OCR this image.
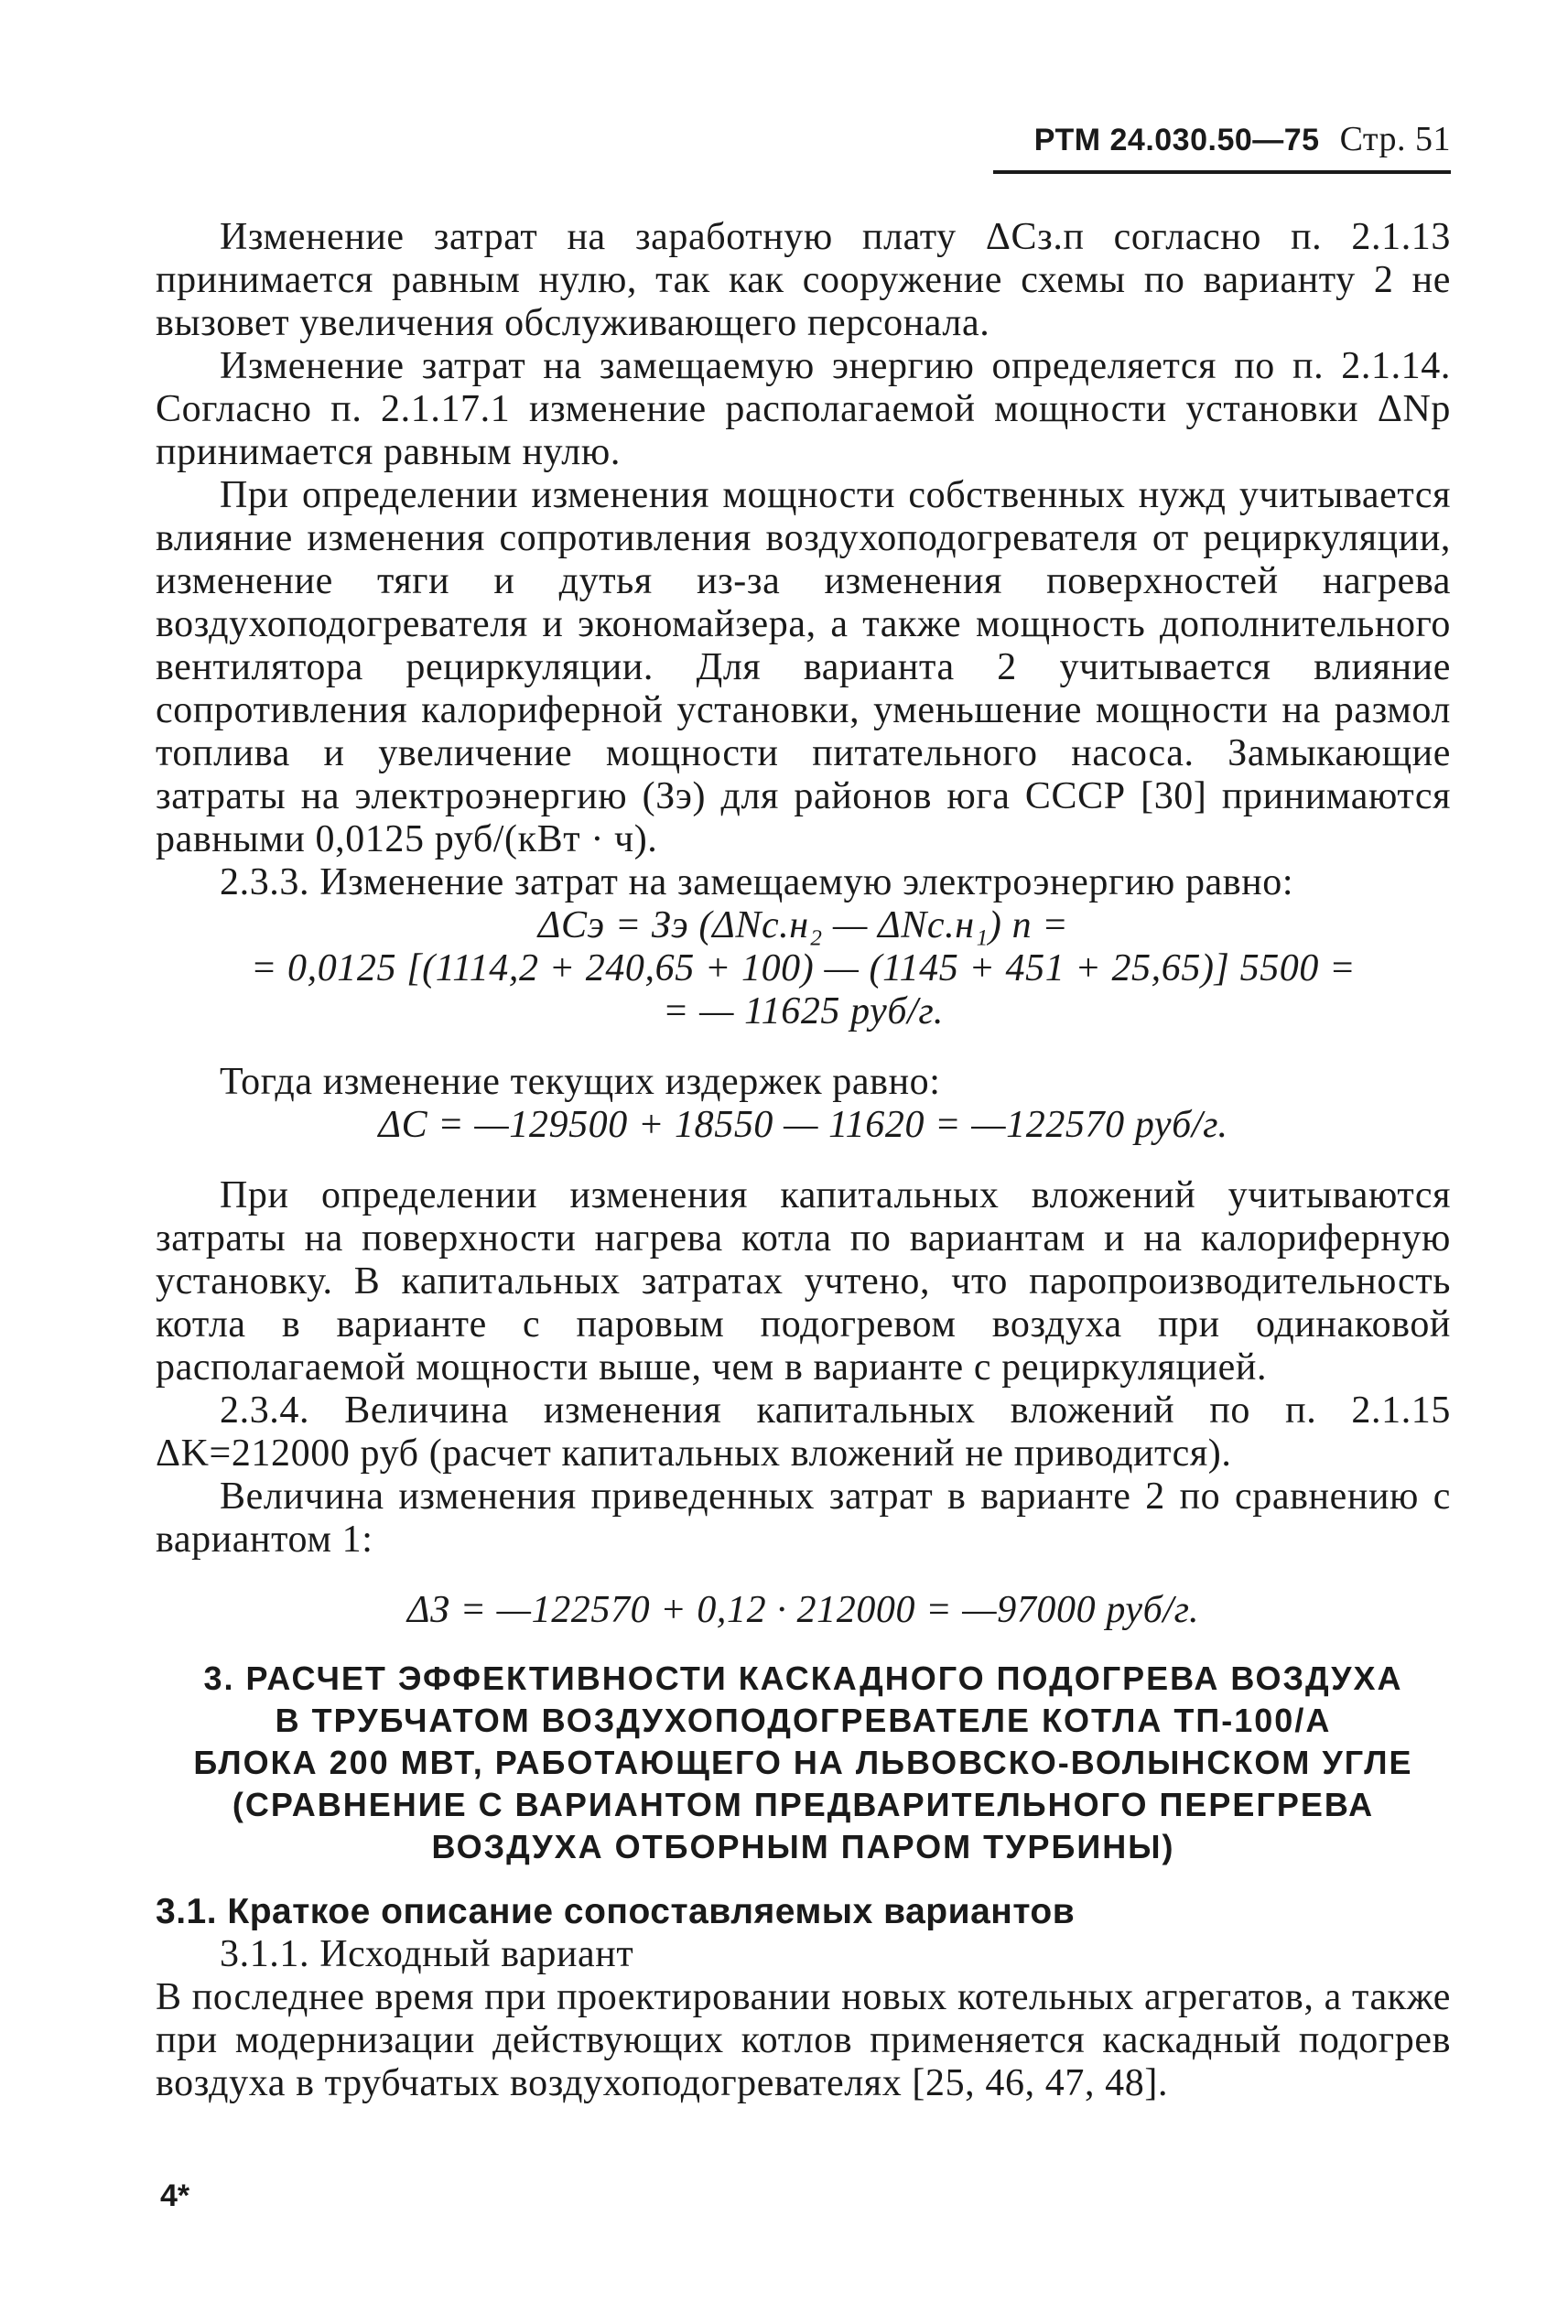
РТМ 24.030.50—75 Стр. 51

Изменение затрат на заработную плату ΔCз.п согласно п. 2.1.13 принимается равным нулю, так как сооружение схемы по варианту 2 не вызовет увеличения обслуживающего персонала.

Изменение затрат на замещаемую энергию определяется по п. 2.1.14. Согласно п. 2.1.17.1 изменение располагаемой мощности установки ΔNр принимается равным нулю.

При определении изменения мощности собственных нужд учитывается влияние изменения сопротивления воздухоподогревателя от рециркуляции, изменение тяги и дутья из-за изменения поверхностей нагрева воздухоподогревателя и экономайзера, а также мощность дополнительного вентилятора рециркуляции. Для варианта 2 учитывается влияние сопротивления калориферной установки, уменьшение мощности на размол топлива и увеличение мощности питательного насоса. Замыкающие затраты на электроэнергию (Зэ) для районов юга СССР [30] принимаются равными 0,0125 руб/(кВт · ч).

2.3.3. Изменение затрат на замещаемую электроэнергию равно:

ΔCэ = Зэ (ΔNс.н₂ — ΔNс.н₁) n =
= 0,0125 [(1114,2 + 240,65 + 100) — (1145 + 451 + 25,65)] 5500 =
= — 11625 руб/г.

Тогда изменение текущих издержек равно:

ΔC = —129500 + 18550 — 11620 = —122570 руб/г.

При определении изменения капитальных вложений учитываются затраты на поверхности нагрева котла по вариантам и на калориферную установку. В капитальных затратах учтено, что паропроизводительность котла в варианте с паровым подогревом воздуха при одинаковой располагаемой мощности выше, чем в варианте с рециркуляцией.

2.3.4. Величина изменения капитальных вложений по п. 2.1.15 ΔK=212000 руб (расчет капитальных вложений не приводится).

Величина изменения приведенных затрат в варианте 2 по сравнению с вариантом 1:

ΔЗ = —122570 + 0,12 · 212000 = —97000 руб/г.
3. РАСЧЕТ ЭФФЕКТИВНОСТИ КАСКАДНОГО ПОДОГРЕВА ВОЗДУХА
В ТРУБЧАТОМ ВОЗДУХОПОДОГРЕВАТЕЛЕ КОТЛА ТП-100/А
БЛОКА 200 МВТ, РАБОТАЮЩЕГО НА ЛЬВОВСКО-ВОЛЫНСКОМ УГЛЕ
(СРАВНЕНИЕ С ВАРИАНТОМ ПРЕДВАРИТЕЛЬНОГО ПЕРЕГРЕВА
ВОЗДУХА ОТБОРНЫМ ПАРОМ ТУРБИНЫ)

3.1. Краткое описание сопоставляемых вариантов

3.1.1. Исходный вариант

В последнее время при проектировании новых котельных агрегатов, а также при модернизации действующих котлов применяется каскадный подогрев воздуха в трубчатых воздухоподогревателях [25, 46, 47, 48].

4*
